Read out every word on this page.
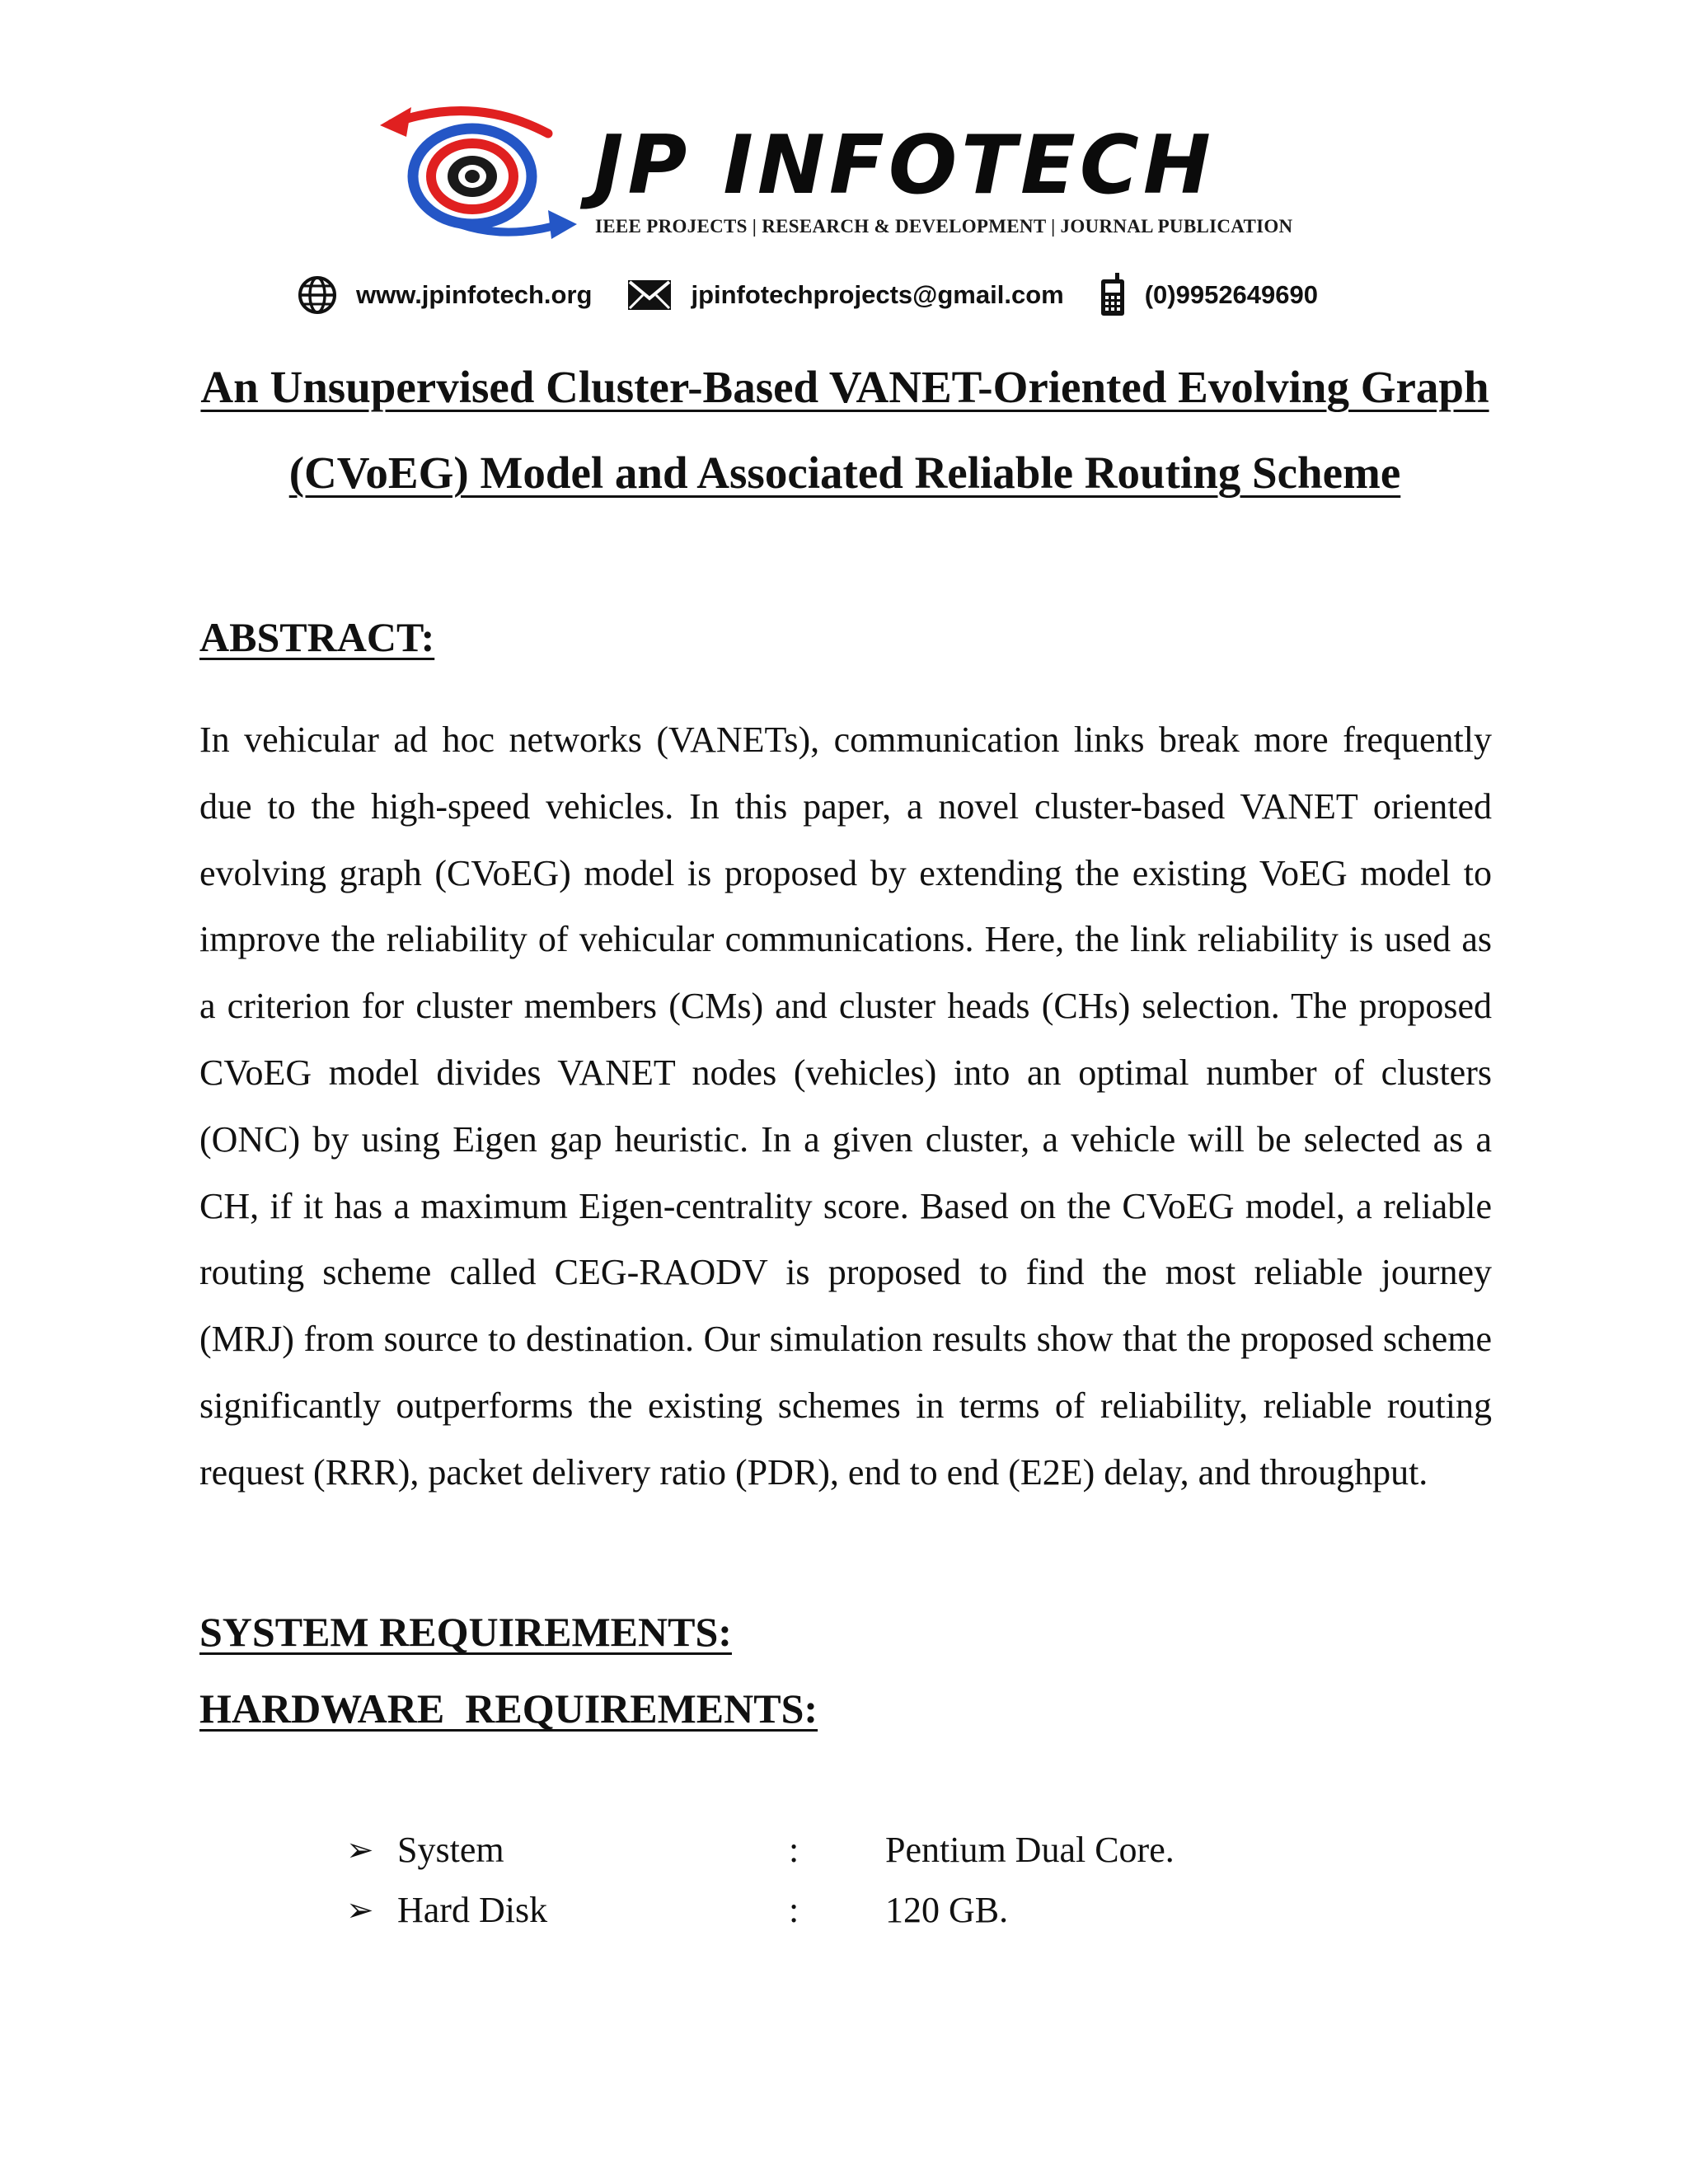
JP INFOTECH
IEEE PROJECTS | RESEARCH & DEVELOPMENT | JOURNAL PUBLICATION
www.jpinfotech.org	jpinfotechprojects@gmail.com	(0)9952649690
An Unsupervised Cluster-Based VANET-Oriented Evolving Graph (CVoEG) Model and Associated Reliable Routing Scheme
ABSTRACT:

In vehicular ad hoc networks (VANETs), communication links break more frequently due to the high-speed vehicles. In this paper, a novel cluster-based VANET oriented evolving graph (CVoEG) model is proposed by extending the existing VoEG model to improve the reliability of vehicular communications. Here, the link reliability is used as a criterion for cluster members (CMs) and cluster heads (CHs) selection. The proposed CVoEG model divides VANET nodes (vehicles) into an optimal number of clusters (ONC) by using Eigen gap heuristic. In a given cluster, a vehicle will be selected as a CH, if it has a maximum Eigen-centrality score. Based on the CVoEG model, a reliable routing scheme called CEG-RAODV is proposed to find the most reliable journey (MRJ) from source to destination. Our simulation results show that the proposed scheme significantly outperforms the existing schemes in terms of reliability, reliable routing request (RRR), packet delivery ratio (PDR), end to end (E2E) delay, and throughput.

SYSTEM REQUIREMENTS:
HARDWARE  REQUIREMENTS:
➢ System	:	Pentium Dual Core.
➢ Hard Disk	:	120 GB.
